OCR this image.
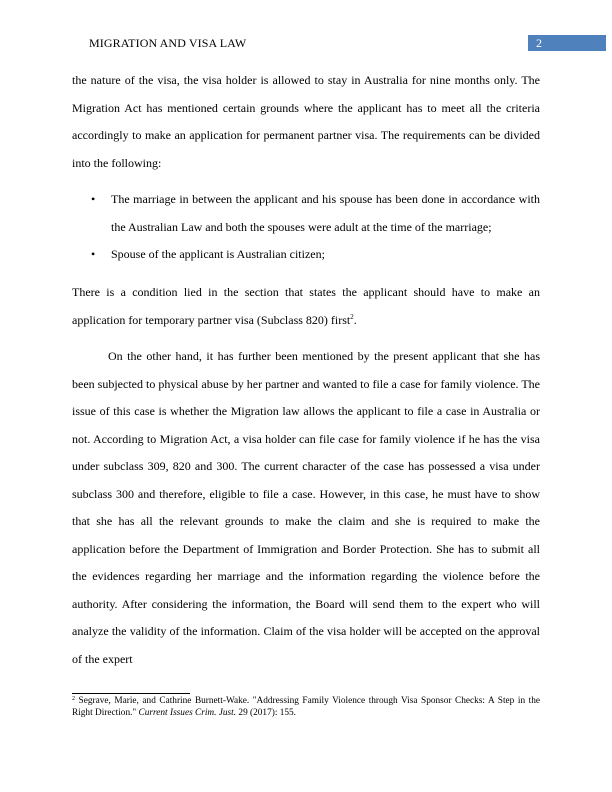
MIGRATION AND VISA LAW	2

the nature of the visa, the visa holder is allowed to stay in Australia for nine months only. The Migration Act has mentioned certain grounds where the applicant has to meet all the criteria accordingly to make an application for permanent partner visa. The requirements can be divided into the following:

• The marriage in between the applicant and his spouse has been done in accordance with the Australian Law and both the spouses were adult at the time of the marriage;
• Spouse of the applicant is Australian citizen;

There is a condition lied in the section that states the applicant should have to make an application for temporary partner visa (Subclass 820) first$^2$.

On the other hand, it has further been mentioned by the present applicant that she has been subjected to physical abuse by her partner and wanted to file a case for family violence. The issue of this case is whether the Migration law allows the applicant to file a case in Australia or not. According to Migration Act, a visa holder can file case for family violence if he has the visa under subclass 309, 820 and 300. The current character of the case has possessed a visa under subclass 300 and therefore, eligible to file a case. However, in this case, he must have to show that she has all the relevant grounds to make the claim and she is required to make the application before the Department of Immigration and Border Protection. She has to submit all the evidences regarding her marriage and the information regarding the violence before the authority. After considering the information, the Board will send them to the expert who will analyze the validity of the information. Claim of the visa holder will be accepted on the approval of the expert

$^2$ Segrave, Marie, and Cathrine Burnett-Wake. "Addressing Family Violence through Visa Sponsor Checks: A Step in the Right Direction." Current Issues Crim. Just. 29 (2017): 155.
